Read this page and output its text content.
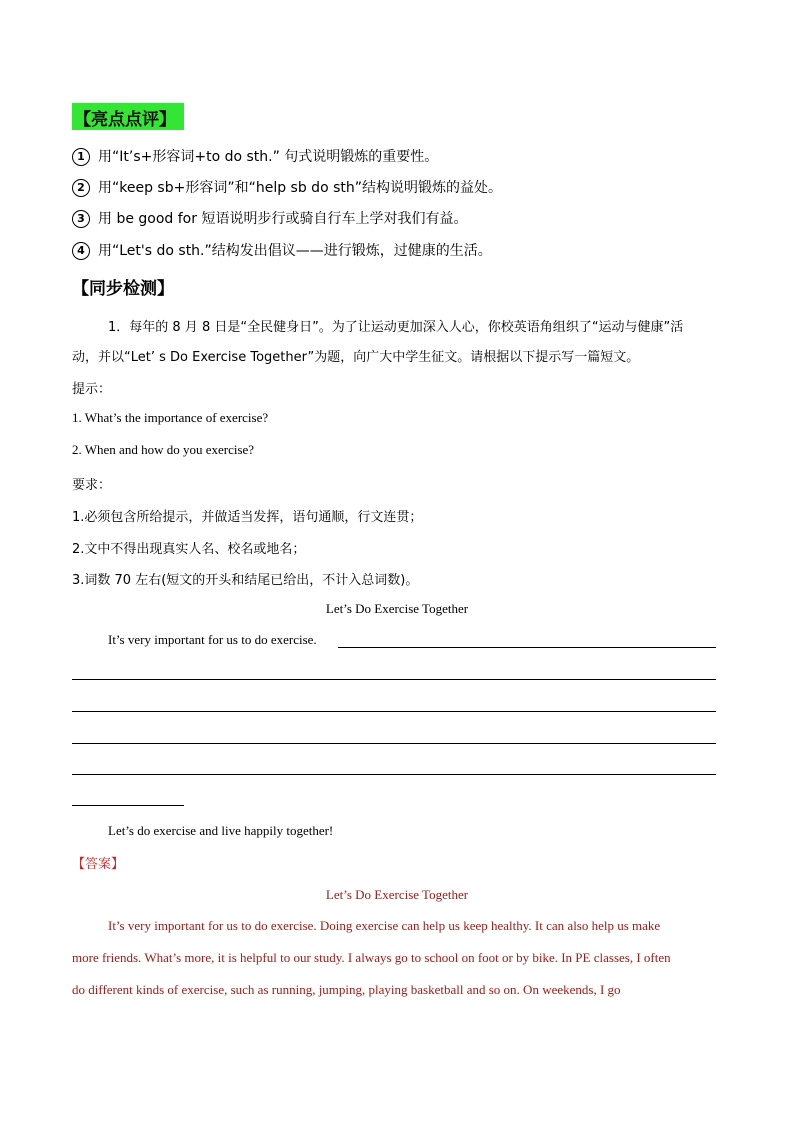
【亮点点评】
1 用“It’s+形容词+to do sth.” 句式说明锻炼的重要性。
2 用“keep sb+形容词”和“help sb do sth”结构说明锻炼的益处。
3 用 be good for 短语说明步行或骑自行车上学对我们有益。
4 用“Let's do sth.”结构发出倡议——进行锻炼，过健康的生活。
【同步检测】
1．每年的 8 月 8 日是“全民健身日”。为了让运动更加深入人心，你校英语角组织了“运动与健康”活
动，并以“Let’ s Do Exercise Together”为题，向广大中学生征文。请根据以下提示写一篇短文。
提示：
1. What’s the importance of exercise?
2. When and how do you exercise?
要求：
1.必须包含所给提示，并做适当发挥，语句通顺，行文连贯；
2.文中不得出现真实人名、校名或地名；
3.词数 70 左右(短文的开头和结尾已给出，不计入总词数)。
Let’s Do Exercise Together
It’s very important for us to do exercise.
Let’s do exercise and live happily together!
【答案】
Let’s Do Exercise Together
It’s very important for us to do exercise. Doing exercise can help us keep healthy. It can also help us make
more friends. What’s more, it is helpful to our study. I always go to school on foot or by bike. In PE classes, I often
do different kinds of exercise, such as running, jumping, playing basketball and so on. On weekends, I go
